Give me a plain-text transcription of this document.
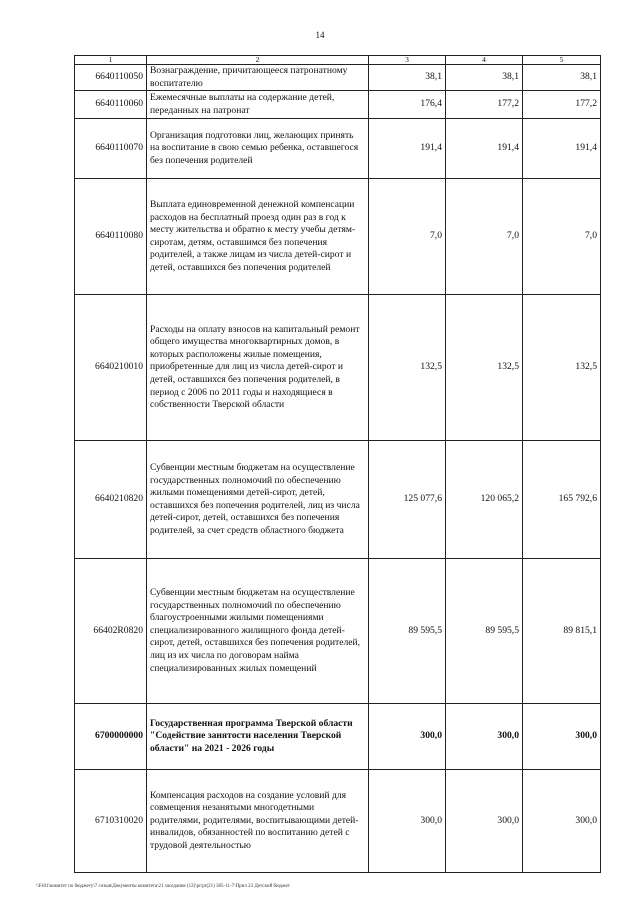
14
1	2	3	4	5
6640110050	Вознаграждение, причитающееся патронатному воспитателю	38,1	38,1	38,1
6640110060	Ежемесячные выплаты на содержание детей, переданных на патронат	176,4	177,2	177,2
6640110070	Организация подготовки лиц, желающих принять на воспитание в свою семью ребенка, оставшегося без попечения родителей	191,4	191,4	191,4
6640110080	Выплата единовременной денежной компенсации расходов на бесплатный проезд один раз в год к месту жительства и обратно к месту учебы детям-сиротам, детям, оставшимся без попечения родителей, а также лицам из числа детей-сирот и детей, оставшихся без попечения родителей	7,0	7,0	7,0
6640210010	Расходы на оплату взносов на капитальный ремонт общего имущества многоквартирных домов, в которых расположены жилые помещения, приобретенные для лиц из числа детей-сирот и детей, оставшихся без попечения родителей, в период с 2006 по 2011 годы и находящиеся в собственности Тверской области	132,5	132,5	132,5
6640210820	Субвенции местным бюджетам на осуществление государственных полномочий по обеспечению жилыми помещениями детей-сирот, детей, оставшихся без попечения родителей, лиц из числа детей-сирот, детей, оставшихся без попечения родителей, за счет средств областного бюджета	125 077,6	120 065,2	165 792,6
66402R0820	Субвенции местным бюджетам на осуществление государственных полномочий по обеспечению благоустроенными жилыми помещениями специализированного жилищного фонда детей-сирот, детей, оставшихся без попечения родителей, лиц из их числа по договорам найма специализированных жилых помещений	89 595,5	89 595,5	89 815,1
6700000000	Государственная программа Тверской области "Содействие занятости населения Тверской области" на 2021 - 2026 годы	300,0	300,0	300,0
6710310020	Компенсация расходов на создание условий для совмещения незанятыми многодетными родителями, родителями, воспитывающими детей-инвалидов, обязанностей по воспитанию детей с трудовой деятельностью	300,0	300,0	300,0
\\Fs01\комитет по бюджету\7 созыв\Документы комитета\21 заседание (12)\pr\pr(21) 385-11-7\Прил 23 Детский бюджет
